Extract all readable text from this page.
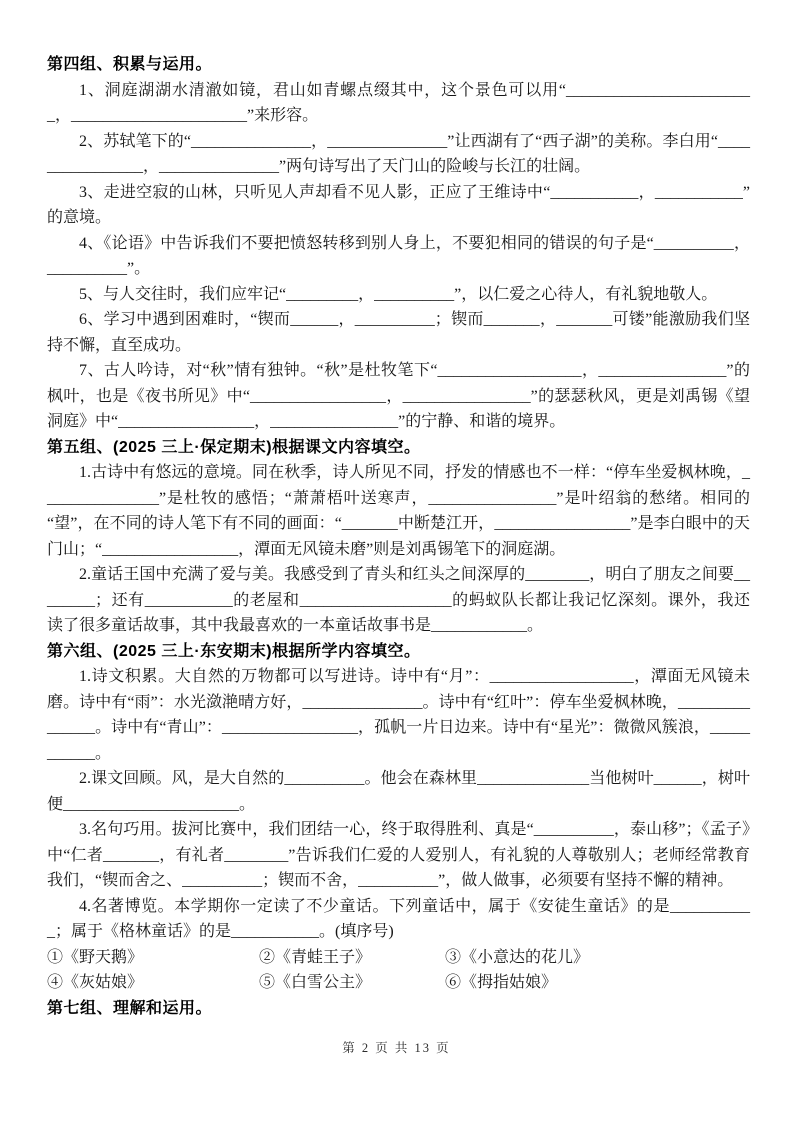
第四组、积累与运用。

1、洞庭湖湖水清澈如镜，君山如青螺点缀其中，这个景色可以用“________________________，______________________”来形容。

2、苏轼笔下的“_______________，_______________”让西湖有了“西子湖”的美称。李白用“________________，_______________”两句诗写出了天门山的险峻与长江的壮阔。

3、走进空寂的山林，只听见人声却看不见人影，正应了王维诗中“___________，___________”的意境。

4、《论语》中告诉我们不要把愤怒转移到别人身上，不要犯相同的错误的句子是“__________，__________”。

5、与人交往时，我们应牢记“_________，__________”，以仁爱之心待人，有礼貌地敬人。

6、学习中遇到困难时，“锲而______，__________；锲而_______，_______可镂”能激励我们坚持不懈，直至成功。

7、古人吟诗，对“秋”情有独钟。“秋”是杜牧笔下“__________________，________________”的枫叶，也是《夜书所见》中“_________________，________________”的瑟瑟秋风，更是刘禹锡《望洞庭》中“_________________，________________”的宁静、和谐的境界。

第五组、(2025 三上·保定期末)根据课文内容填空。

1.古诗中有悠远的意境。同在秋季，诗人所见不同，抒发的情感也不一样：“停车坐爱枫林晚，_______________”是杜牧的感悟；“萧萧梧叶送寒声，________________”是叶绍翁的愁绪。相同的“望”，在不同的诗人笔下有不同的画面：“_______中断楚江开，_________________”是李白眼中的天门山；“_________________，潭面无风镜未磨”则是刘禹锡笔下的洞庭湖。

2.童话王国中充满了爱与美。我感受到了青头和红头之间深厚的________，明白了朋友之间要________；还有___________的老屋和___________________的蚂蚁队长都让我记忆深刻。课外，我还读了很多童话故事，其中我最喜欢的一本童话故事书是____________。

第六组、(2025 三上·东安期末)根据所学内容填空。

1.诗文积累。大自然的万物都可以写进诗。诗中有“月”：__________________，潭面无风镜未磨。诗中有“雨”：水光潋滟晴方好，_______________。诗中有“红叶”：停车坐爱枫林晚，_______________。诗中有“青山”：_________________，孤帆一片日边来。诗中有“星光”：微微风簇浪，___________。

2.课文回顾。风，是大自然的__________。他会在森林里______________当他树叶______，树叶便______________________。

3.名句巧用。拔河比赛中，我们团结一心，终于取得胜利、真是“__________，泰山移”；《孟子》中“仁者_______，有礼者________”告诉我们仁爱的人爱别人，有礼貌的人尊敬别人；老师经常教育我们，“锲而舍之、__________；锲而不舍，__________”，做人做事，必须要有坚持不懈的精神。

4.名著博览。本学期你一定读了不少童话。下列童话中，属于《安徒生童话》的是___________；属于《格林童话》的是___________。(填序号)

①《野天鹅》	②《青蛙王子》	③《小意达的花儿》
④《灰姑娘》	⑤《白雪公主》	⑥《拇指姑娘》
第七组、理解和运用。
第 2 页 共 13 页
